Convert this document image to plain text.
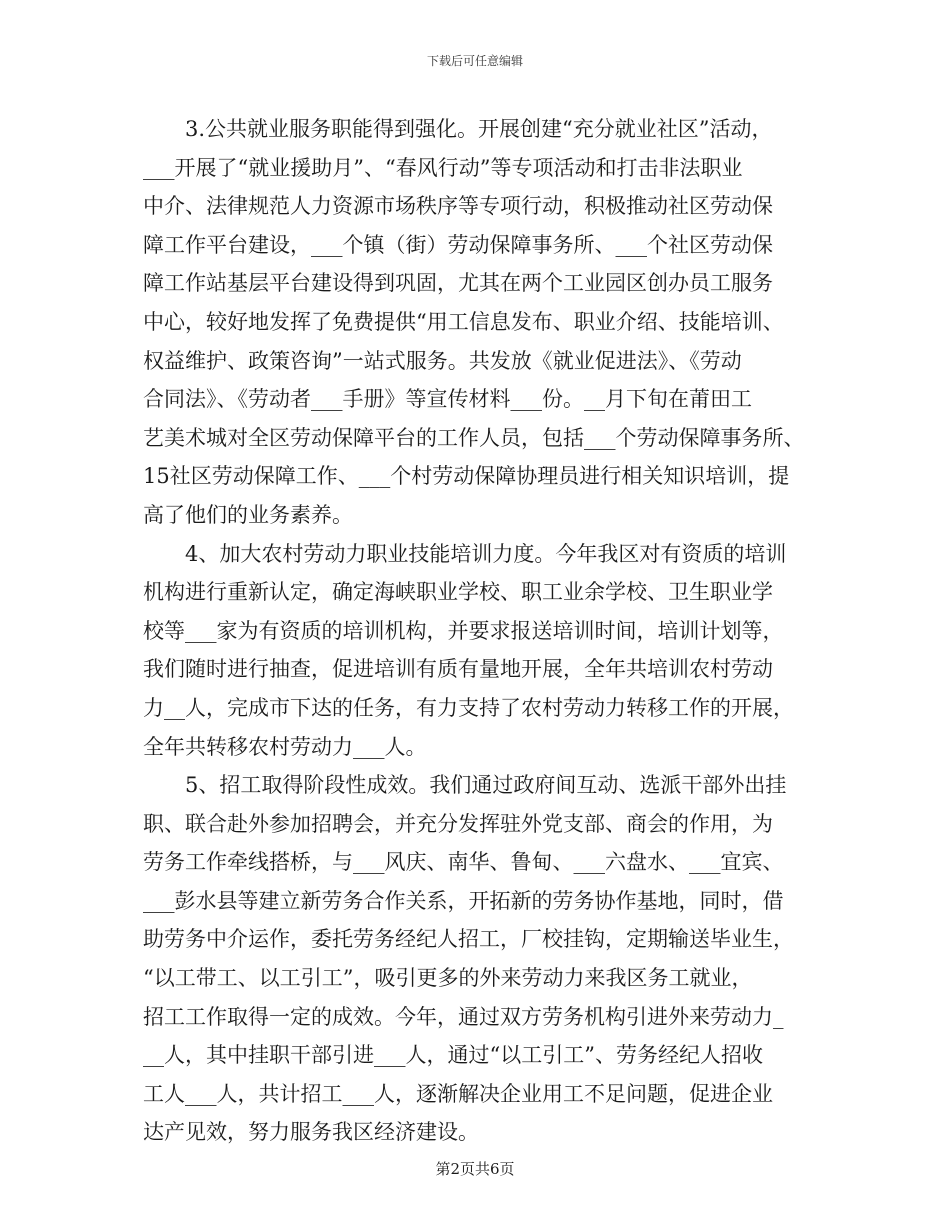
下载后可任意编辑
3.公共就业服务职能得到强化。开展创建“充分就业社区”活动，
___开展了“就业援助月”、“春风行动”等专项活动和打击非法职业
中介、法律规范人力资源市场秩序等专项行动，积极推动社区劳动保
障工作平台建设，___个镇（街）劳动保障事务所、___个社区劳动保
障工作站基层平台建设得到巩固，尤其在两个工业园区创办员工服务
中心，较好地发挥了免费提供“用工信息发布、职业介绍、技能培训、
权益维护、政策咨询”一站式服务。共发放《就业促进法》、《劳动
合同法》、《劳动者___手册》等宣传材料___份。__月下旬在莆田工
艺美术城对全区劳动保障平台的工作人员，包括___个劳动保障事务所、
15社区劳动保障工作、___个村劳动保障协理员进行相关知识培训，提
高了他们的业务素养。
4、加大农村劳动力职业技能培训力度。今年我区对有资质的培训
机构进行重新认定，确定海峡职业学校、职工业余学校、卫生职业学
校等___家为有资质的培训机构，并要求报送培训时间，培训计划等，
我们随时进行抽查，促进培训有质有量地开展，全年共培训农村劳动
力__人，完成市下达的任务，有力支持了农村劳动力转移工作的开展，
全年共转移农村劳动力___人。
5、招工取得阶段性成效。我们通过政府间互动、选派干部外出挂
职、联合赴外参加招聘会，并充分发挥驻外党支部、商会的作用，为
劳务工作牵线搭桥，与___风庆、南华、鲁甸、___六盘水、___宜宾、
___彭水县等建立新劳务合作关系，开拓新的劳务协作基地，同时，借
助劳务中介运作，委托劳务经纪人招工，厂校挂钩，定期输送毕业生，
“以工带工、以工引工”，吸引更多的外来劳动力来我区务工就业，
招工工作取得一定的成效。今年，通过双方劳务机构引进外来劳动力_
__人，其中挂职干部引进___人，通过“以工引工”、劳务经纪人招收
工人___人，共计招工___人，逐渐解决企业用工不足问题，促进企业
达产见效，努力服务我区经济建设。
第2页共6页
